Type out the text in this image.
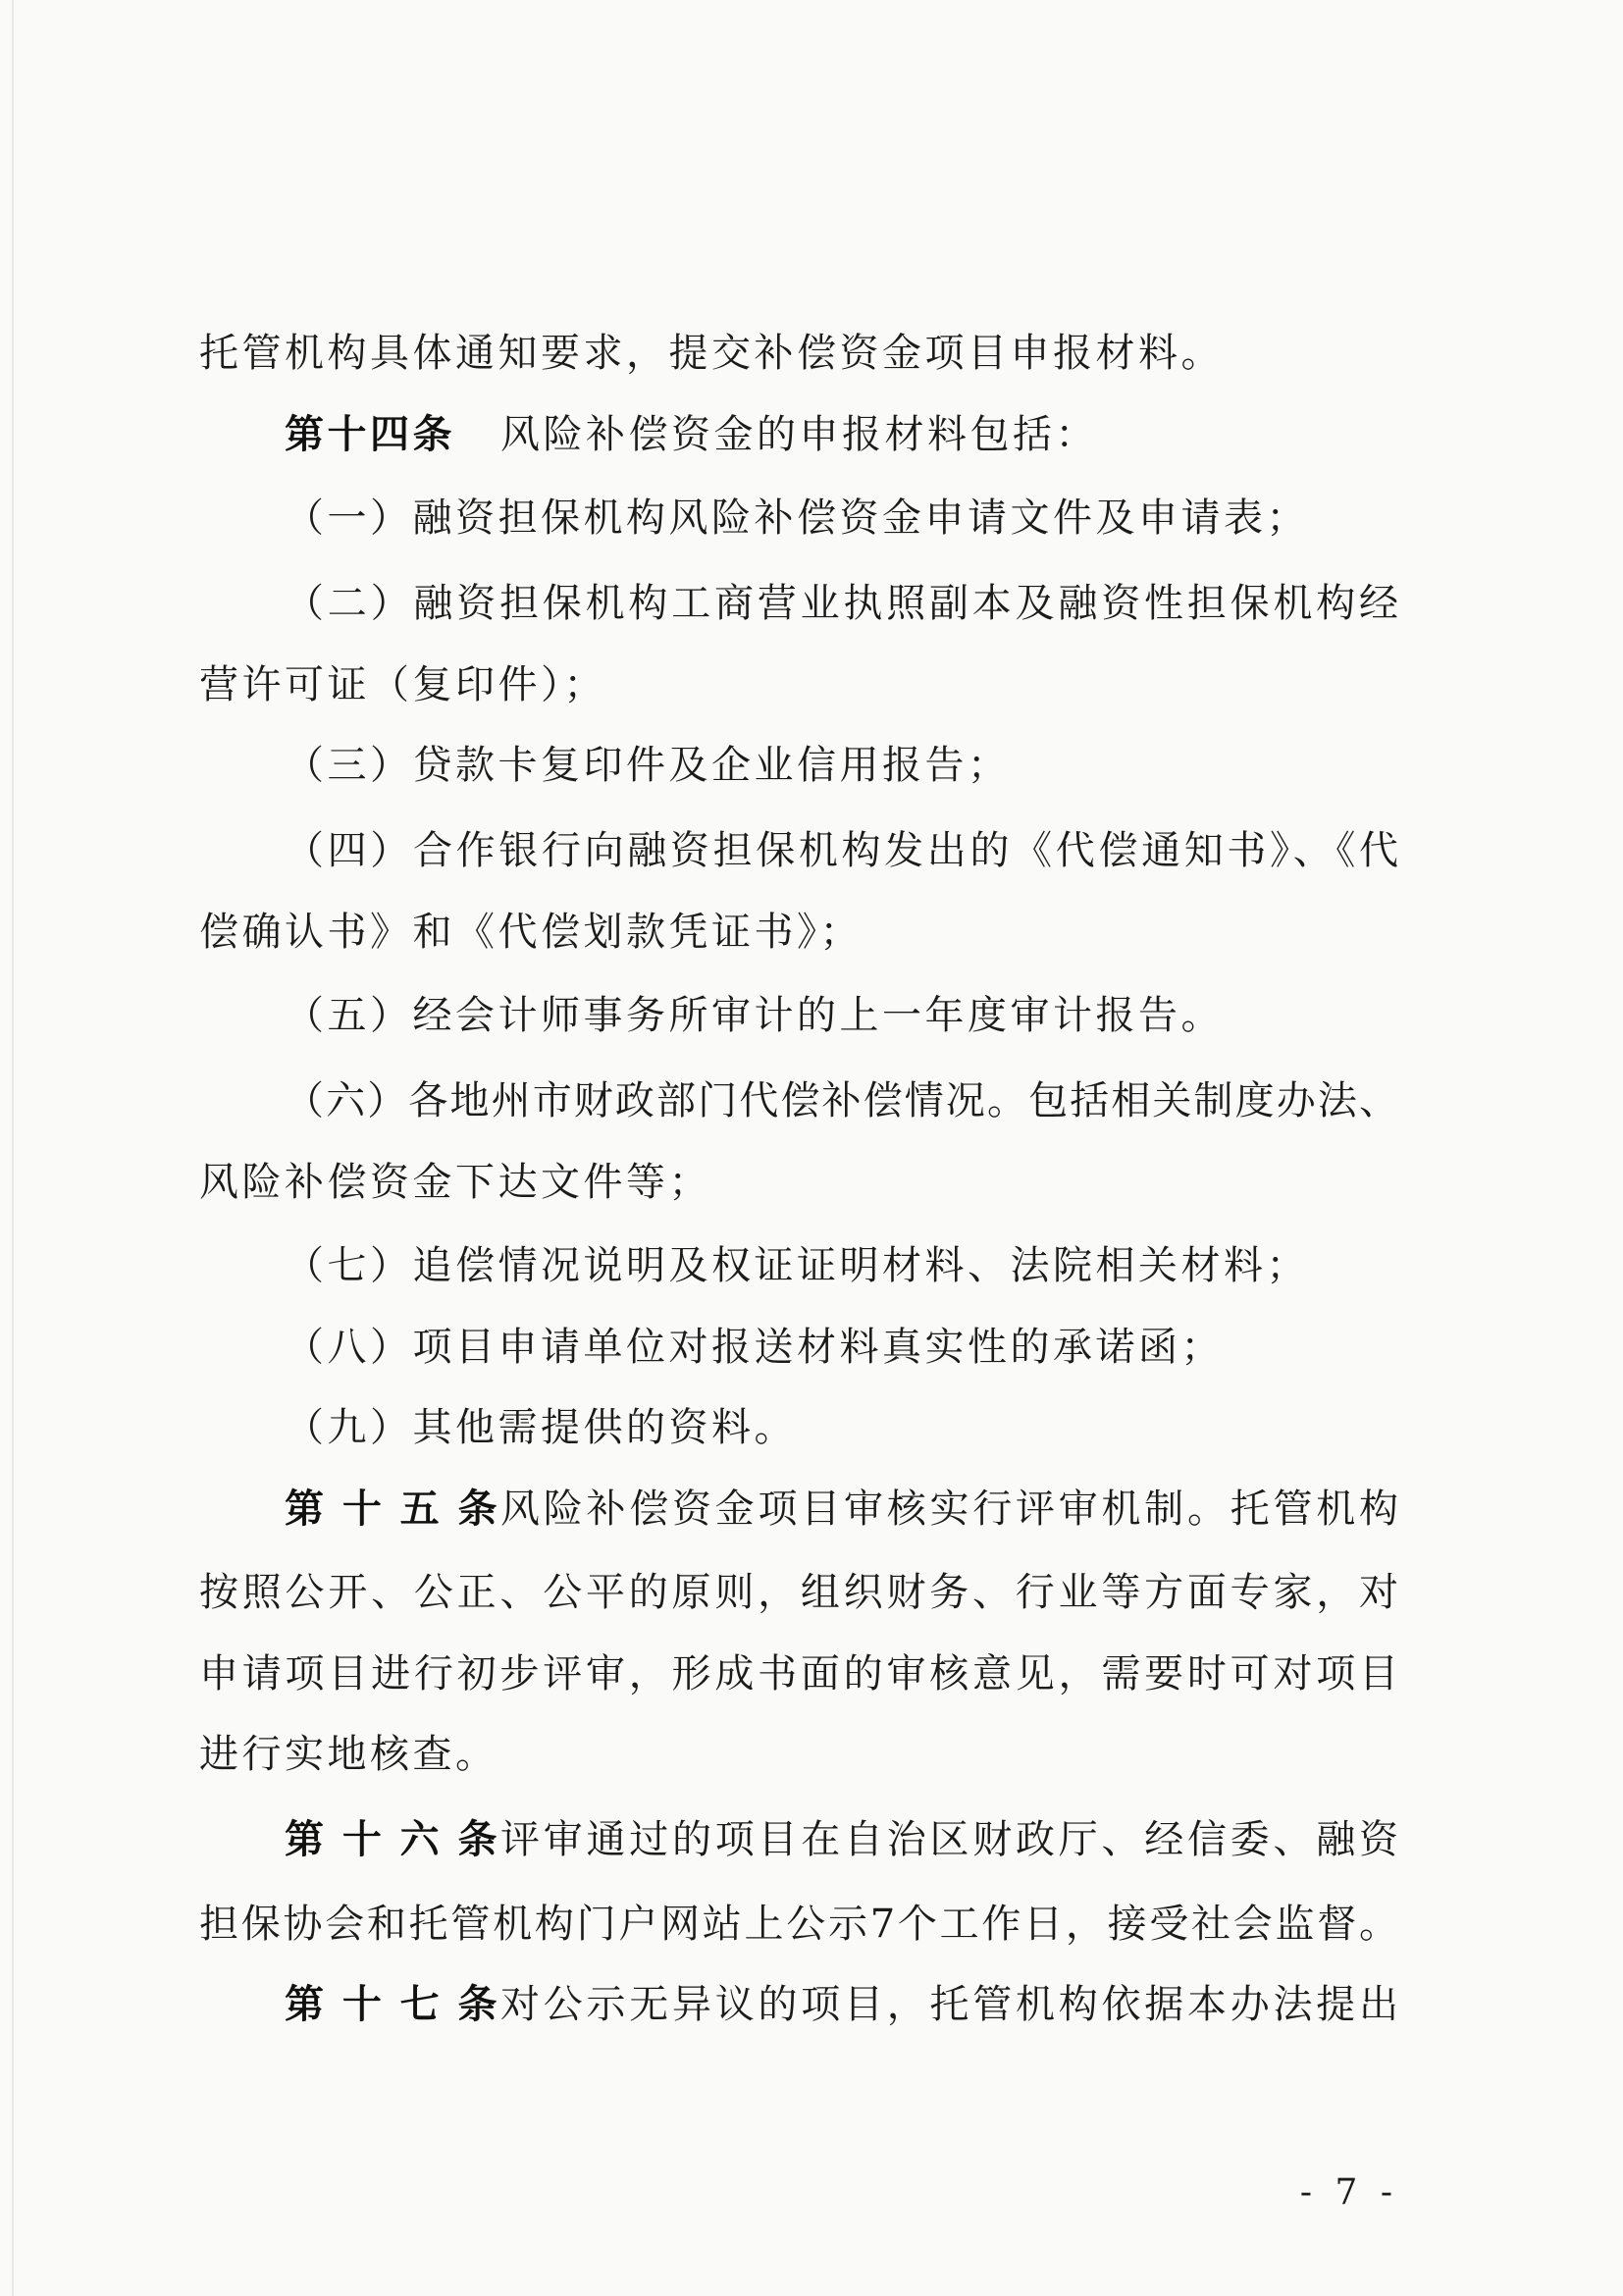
托管机构具体通知要求，提交补偿资金项目申报材料。
第十四条 风险补偿资金的申报材料包括：
（一）融资担保机构风险补偿资金申请文件及申请表；
（二）融资担保机构工商营业执照副本及融资性担保机构经
营许可证（复印件）；
（三）贷款卡复印件及企业信用报告；
（四）合作银行向融资担保机构发出的《代偿通知书》、《代
偿确认书》和《代偿划款凭证书》；
（五）经会计师事务所审计的上一年度审计报告。
（六）各地州市财政部门代偿补偿情况。包括相关制度办法、
风险补偿资金下达文件等；
（七）追偿情况说明及权证证明材料、法院相关材料；
（八）项目申请单位对报送材料真实性的承诺函；
（九）其他需提供的资料。
第十五条 风险补偿资金项目审核实行评审机制。托管机构
按照公开、公正、公平的原则，组织财务、行业等方面专家，对
申请项目进行初步评审，形成书面的审核意见，需要时可对项目
进行实地核查。
第十六条 评审通过的项目在自治区财政厅、经信委、融资
担保协会和托管机构门户网站上公示7个工作日，接受社会监督。
第十七条 对公示无异议的项目，托管机构依据本办法提出
- 7 -
